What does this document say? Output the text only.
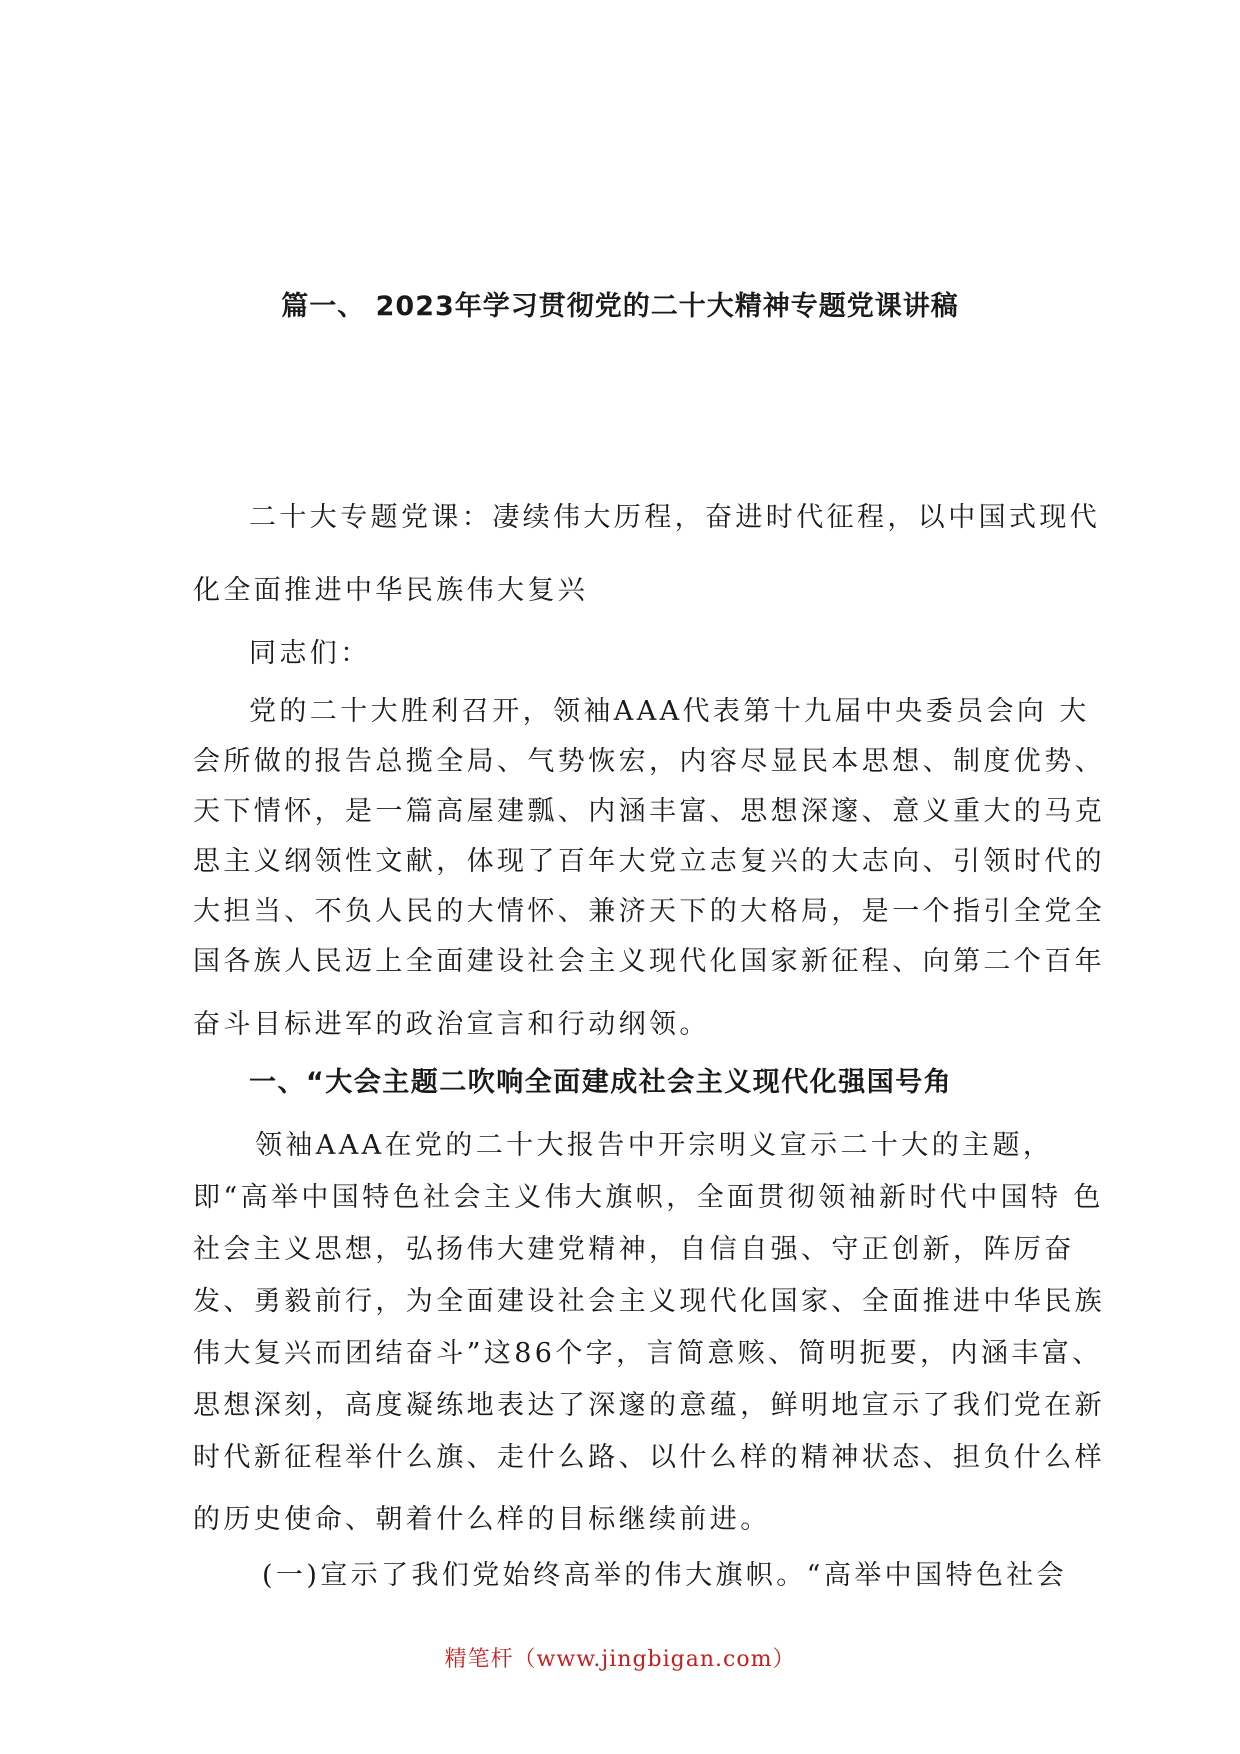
篇一、 2023年学习贯彻党的二十大精神专题党课讲稿

二十大专题党课：凄续伟大历程，奋进时代征程，以中国式现代

化全面推进中华民族伟大复兴

同志们：

党的二十大胜利召开，领袖AAA代表第十九届中央委员会向 大

会所做的报告总揽全局、气势恢宏，内容尽显民本思想、制度优势、

天下情怀，是一篇高屋建瓢、内涵丰富、思想深邃、意义重大的马克

思主义纲领性文献，体现了百年大党立志复兴的大志向、引领时代的

大担当、不负人民的大情怀、兼济天下的大格局，是一个指引全党全

国各族人民迈上全面建设社会主义现代化国家新征程、向第二个百年

奋斗目标进军的政治宣言和行动纲领。

一、“大会主题二吹响全面建成社会主义现代化强国号角

领袖AAA在党的二十大报告中开宗明义宣示二十大的主题，

即“高举中国特色社会主义伟大旗帜，全面贯彻领袖新时代中国特 色

社会主义思想，弘扬伟大建党精神，自信自强、守正创新，阵厉奋

发、勇毅前行，为全面建设社会主义现代化国家、全面推进中华民族

伟大复兴而团结奋斗”这86个字，言简意赅、简明扼要，内涵丰富、

思想深刻，高度凝练地表达了深邃的意蕴，鲜明地宣示了我们党在新

时代新征程举什么旗、走什么路、以什么样的精神状态、担负什么样

的历史使命、朝着什么样的目标继续前进。

(一)宣示了我们党始终高举的伟大旗帜。“高举中国特色社会

精笔杆（www.jingbigan.com）
